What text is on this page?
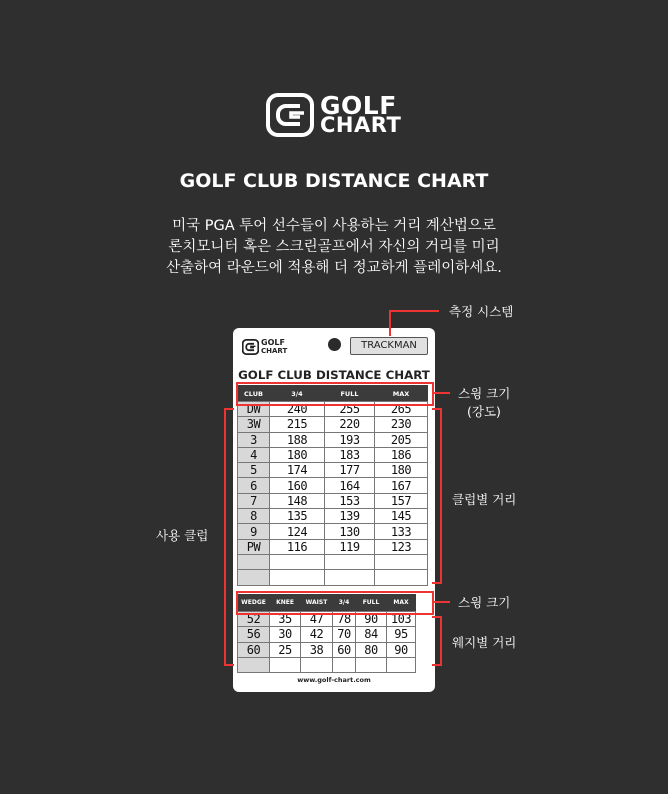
GOLF
CHART
GOLF CLUB DISTANCE CHART
미국 PGA 투어 선수들이 사용하는 거리 계산법으로
론치모니터 혹은 스크린골프에서 자신의 거리를 미리
산출하여 라운드에 적용해 더 정교하게 플레이하세요.
GOLF
CHART	TRACKMAN
GOLF CLUB DISTANCE CHART
CLUB	3/4	FULL	MAX
DW	240	255	265
3W	215	220	230
3	188	193	205
4	180	183	186
5	174	177	180
6	160	164	167
7	148	153	157
8	135	139	145
9	124	130	133
PW	116	119	123

WEDGE	KNEE	WAIST	3/4	FULL	MAX
52	35	47	78	90	103
56	30	42	70	84	95
60	25	38	60	80	90

www.golf-chart.com
측정 시스템
스윙 크기
(강도)
클럽별 거리
사용 클럽
스윙 크기
웨지별 거리
